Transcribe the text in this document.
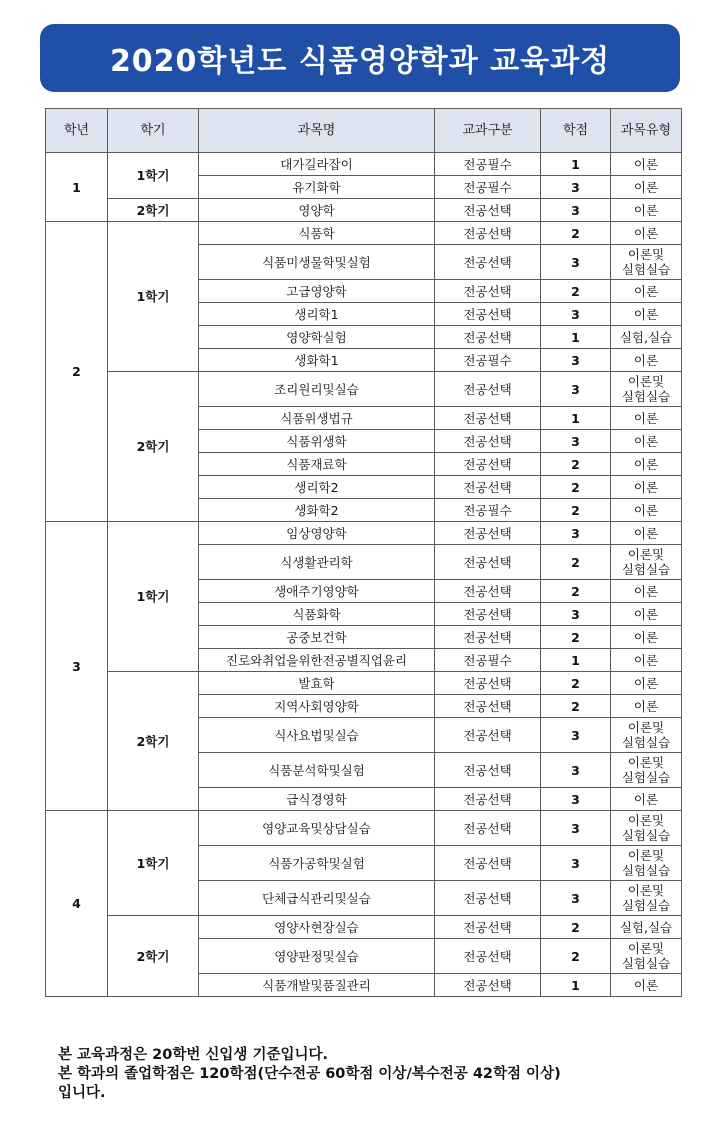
2020학년도 식품영양학과 교육과정
학년	학기	과목명	교과구분	학점	과목유형
1	1학기	대가길라잡이	전공필수	1	이론
		유기화학	전공필수	3	이론
	2학기	영양학	전공선택	3	이론
2	1학기	식품학	전공선택	2	이론
		식품미생물학및실험	전공선택	3	이론및
실험실습
		고급영양학	전공선택	2	이론
		생리학1	전공선택	3	이론
		영양학실험	전공선택	1	실험,실습
		생화학1	전공필수	3	이론
	2학기	조리원리및실습	전공선택	3	이론및
실험실습
		식품위생법규	전공선택	1	이론
		식품위생학	전공선택	3	이론
		식품재료학	전공선택	2	이론
		생리학2	전공선택	2	이론
		생화학2	전공필수	2	이론
3	1학기	임상영양학	전공선택	3	이론
		식생활관리학	전공선택	2	이론및
실험실습
		생애주기영양학	전공선택	2	이론
		식품화학	전공선택	3	이론
		공중보건학	전공선택	2	이론
		진로와취업을위한전공별직업윤리	전공필수	1	이론
	2학기	발효학	전공선택	2	이론
		지역사회영양학	전공선택	2	이론
		식사요법및실습	전공선택	3	이론및
실험실습
		식품분석학및실험	전공선택	3	이론및
실험실습
		급식경영학	전공선택	3	이론
4	1학기	영양교육및상담실습	전공선택	3	이론및
실험실습
		식품가공학및실험	전공선택	3	이론및
실험실습
		단체급식관리및실습	전공선택	3	이론및
실험실습
	2학기	영양사현장실습	전공선택	2	실험,실습
		영양판정및실습	전공선택	2	이론및
실험실습
		식품개발및품질관리	전공선택	1	이론

본 교육과정은 20학번 신입생 기준입니다.

본 학과의 졸업학점은 120학점(단수전공 60학점 이상/복수전공 42학점 이상)
입니다.
